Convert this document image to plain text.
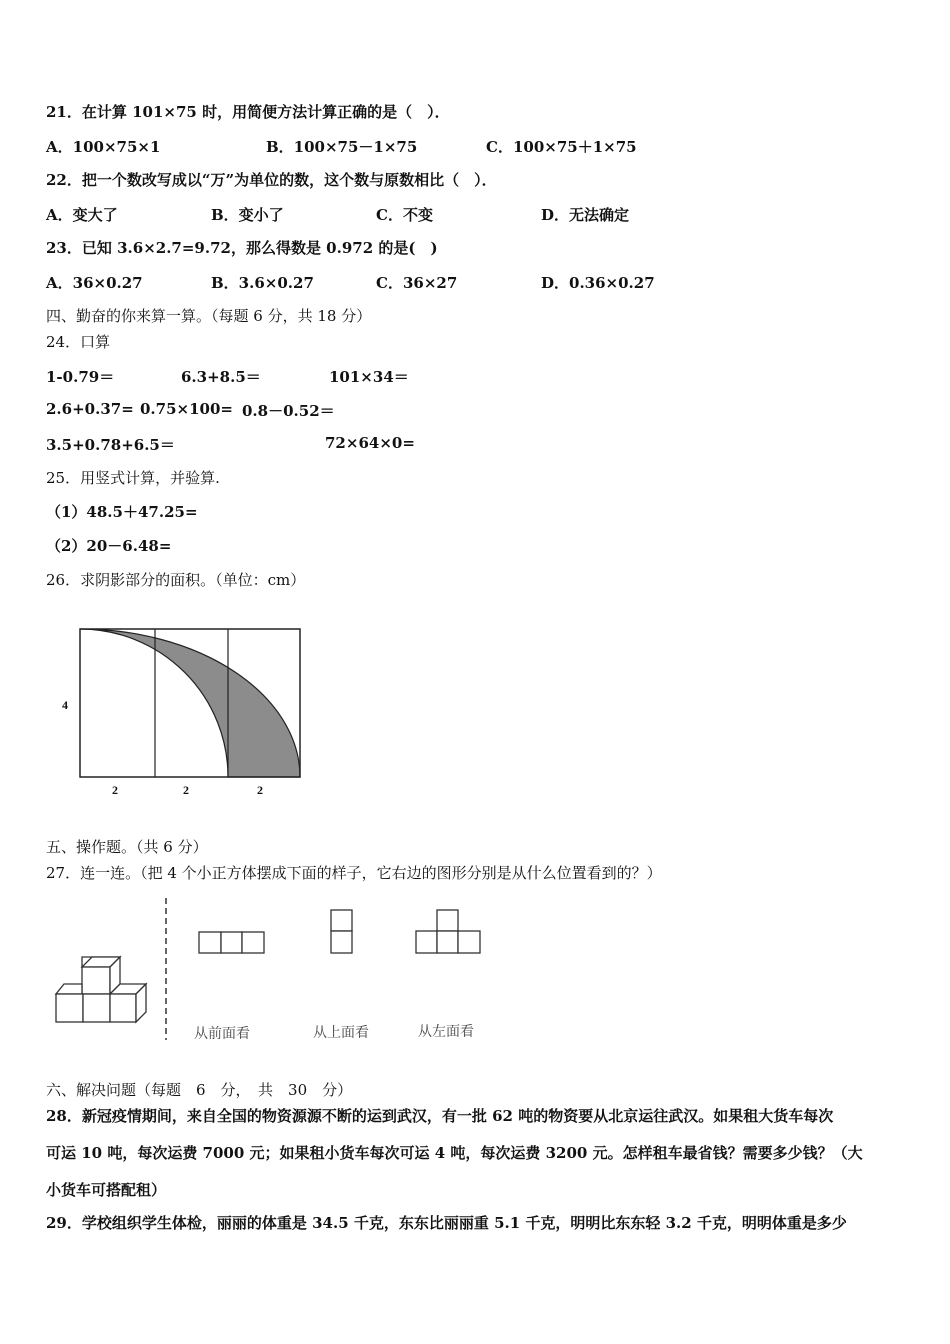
21．在计算 101×75 时，用简便方法计算正确的是（　）．
A．100×75×1	B．100×75－1×75	C．100×75＋1×75
22．把一个数改写成以“万”为单位的数，这个数与原数相比（　）．
A．变大了	B．变小了	C．不变	D．无法确定
23．已知 3.6×2.7=9.72，那么得数是 0.972 的是(　)
A．36×0.27	B．3.6×0.27	C．36×27	D．0.36×0.27
四、勤奋的你来算一算。（每题 6 分，共 18 分）
24．口算
1-0.79＝	6.3+8.5＝	101×34＝
2.6+0.37= 0.75×100= 0.8－0.52＝
3.5+0.78+6.5＝	72×64×0=
25．用竖式计算，并验算.
（1）48.5＋47.25=
（2）20－6.48=
26．求阴影部分的面积。（单位：cm）
4
2	2	2
五、操作题。（共 6 分）
27．连一连。（把 4 个小正方体摆成下面的样子，它右边的图形分别是从什么位置看到的？）
从前面看	从上面看	从左面看
六、解决问题（每题　6　分，　共　30　分）
28．新冠疫情期间，来自全国的物资源源不断的运到武汉，有一批 62 吨的物资要从北京运往武汉。如果租大货车每次
可运 10 吨，每次运费 7000 元；如果租小货车每次可运 4 吨，每次运费 3200 元。怎样租车最省钱？需要多少钱？（大
小货车可搭配租）
29．学校组织学生体检，丽丽的体重是 34.5 千克，东东比丽丽重 5.1 千克，明明比东东轻 3.2 千克，明明体重是多少
